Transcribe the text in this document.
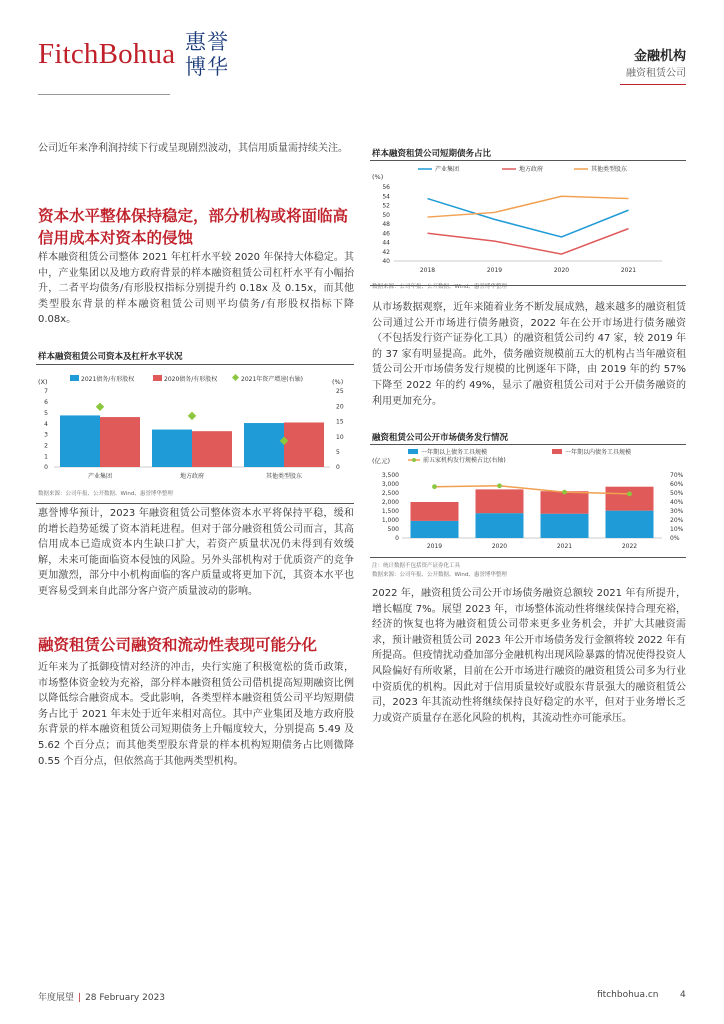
FitchBohua 惠誉
博华	金融机构
融资租赁公司
公司近年来净利润持续下行或呈现剧烈波动，其信用质量需持续关注。
资本水平整体保持稳定，部分机构或将面临高信用成本对资本的侵蚀
样本融资租赁公司整体 2021 年杠杆水平较 2020 年保持大体稳定。其中，产业集团以及地方政府背景的样本融资租赁公司杠杆水平有小幅抬升，二者平均债务/有形股权指标分别提升约 0.18x 及 0.15x，而其他类型股东背景的样本融资租赁公司则平均债务/有形股权指标下降 0.08x。
样本融资租赁公司资本及杠杆水平状况
(X)	(%)
2021债务/有形股权	2020债务/有形股权	2021年资产增速(右轴)
0
1
2
3
4
5
6
7
0
5
10
15
20
25
产业集团	地方政府	其他类型股东
数据来源：公司年报、公开数据、Wind、惠誉博华整理
惠誉博华预计，2023 年融资租赁公司整体资本水平将保持平稳，缓和的增长趋势延缓了资本消耗进程。但对于部分融资租赁公司而言，其高信用成本已造成资本内生缺口扩大，若资产质量状况仍未得到有效缓解，未来可能面临资本侵蚀的风险。另外头部机构对于优质资产的竞争更加激烈，部分中小机构面临的客户质量或将更加下沉，其资本水平也更容易受到来自此部分客户资产质量波动的影响。
融资租赁公司融资和流动性表现可能分化
近年来为了抵御疫情对经济的冲击，央行实施了积极宽松的货币政策，市场整体资金较为充裕，部分样本融资租赁公司借机提高短期融资比例以降低综合融资成本。受此影响，各类型样本融资租赁公司平均短期债务占比于 2021 年末处于近年来相对高位。其中产业集团及地方政府股东背景的样本融资租赁公司短期债务上升幅度较大，分别提高 5.49 及 5.62 个百分点；而其他类型股东背景的样本机构短期债务占比则微降 0.55 个百分点，但依然高于其他两类型机构。
样本融资租赁公司短期债务占比
(%)
产业集团	地方政府	其他类型股东
40
42
44
46
48
50
52
54
56
2018	2019	2020	2021
数据来源：公司年报、公开数据、Wind、惠誉博华整理
从市场数据观察，近年来随着业务不断发展成熟，越来越多的融资租赁公司通过公开市场进行债务融资，2022 年在公开市场进行债务融资（不包括发行资产证券化工具）的融资租赁公司约 47 家，较 2019 年的 37 家有明显提高。此外，债务融资规模前五大的机构占当年融资租赁公司公开市场债务发行规模的比例逐年下降，由 2019 年的约 57%下降至 2022 年的约 49%，显示了融资租赁公司对于公开债务融资的利用更加充分。
融资租赁公司公开市场债务发行情况
(亿元)
一年期以上债务工具规模	一年期以内债务工具规模
前五家机构发行规模占比(右轴)
0
500
1,000
1,500
2,000
2,500
3,000
3,500
0%
10%
20%
30%
40%
50%
60%
70%
2019	2020	2021	2022
注：统计数据不包括资产证券化工具
数据来源：公司年报、公开数据、Wind、惠誉博华整理
2022 年，融资租赁公司公开市场债务融资总额较 2021 年有所提升，增长幅度 7%。展望 2023 年，市场整体流动性将继续保持合理充裕，经济的恢复也将为融资租赁公司带来更多业务机会，并扩大其融资需求，预计融资租赁公司 2023 年公开市场债务发行金额将较 2022 年有所提高。但疫情扰动叠加部分金融机构出现风险暴露的情况使得投资人风险偏好有所收紧，目前在公开市场进行融资的融资租赁公司多为行业中资质优的机构。因此对于信用质量较好或股东背景强大的融资租赁公司，2023 年其流动性将继续保持良好稳定的水平，但对于业务增长乏力或资产质量存在恶化风险的机构，其流动性亦可能承压。
年度展望 | 28 February 2023	fitchbohua.cn 4
